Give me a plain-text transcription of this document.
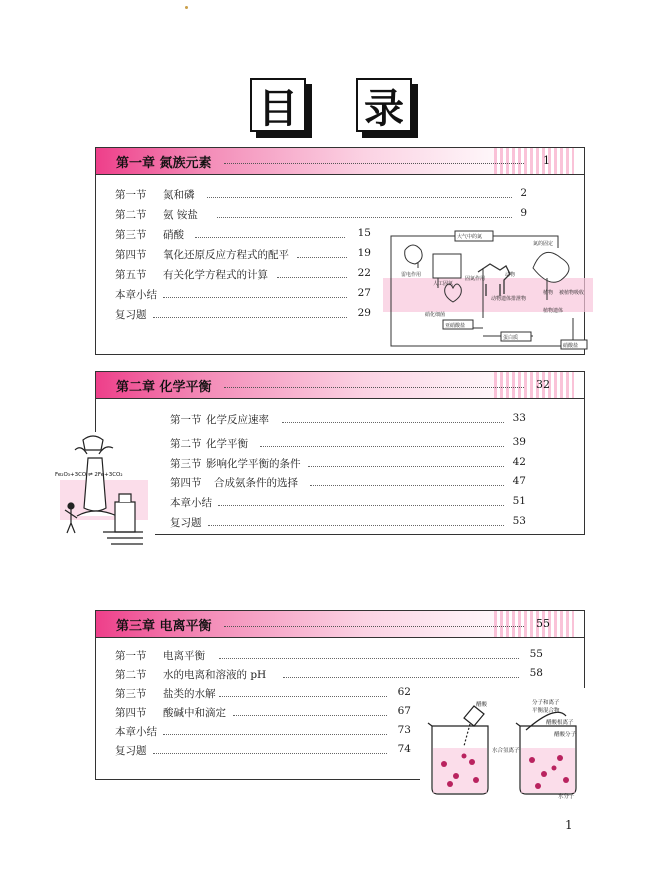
目 录
第一章 氮族元素	1
第一节 氮和磷	2
第二节 氨 铵盐	9
第三节 硝酸	15
第四节 氧化还原反应方程式的配平	19
第五节 有关化学方程式的计算	22
本章小结	27
复习题	29
大气中的氮
雷电作用
人工固氮
氮的固定
固氮作用
动物
动物遗体排泄物
硝化细菌
亚硝酸盐
硝酸盐
植物遗体
植物 被植物吸收
蛋白质
第二章 化学平衡	32
第一节 化学反应速率	33
第二节 化学平衡	39
第三节 影响化学平衡的条件	42
第四节 合成氨条件的选择	47
本章小结	51
复习题	53
Fe₂O₃+3CO ⇌ 2Fe+3CO₂
第三章 电离平衡	55
第一节 电离平衡	55
第二节 水的电离和溶液的 pH	58
第三节 盐类的水解	62
第四节 酸碱中和滴定	67
本章小结	73
复习题	74
醋酸	分子和离子
平衡混合物
醋酸根离子
醋酸分子
水合氢离子
水分子
1
